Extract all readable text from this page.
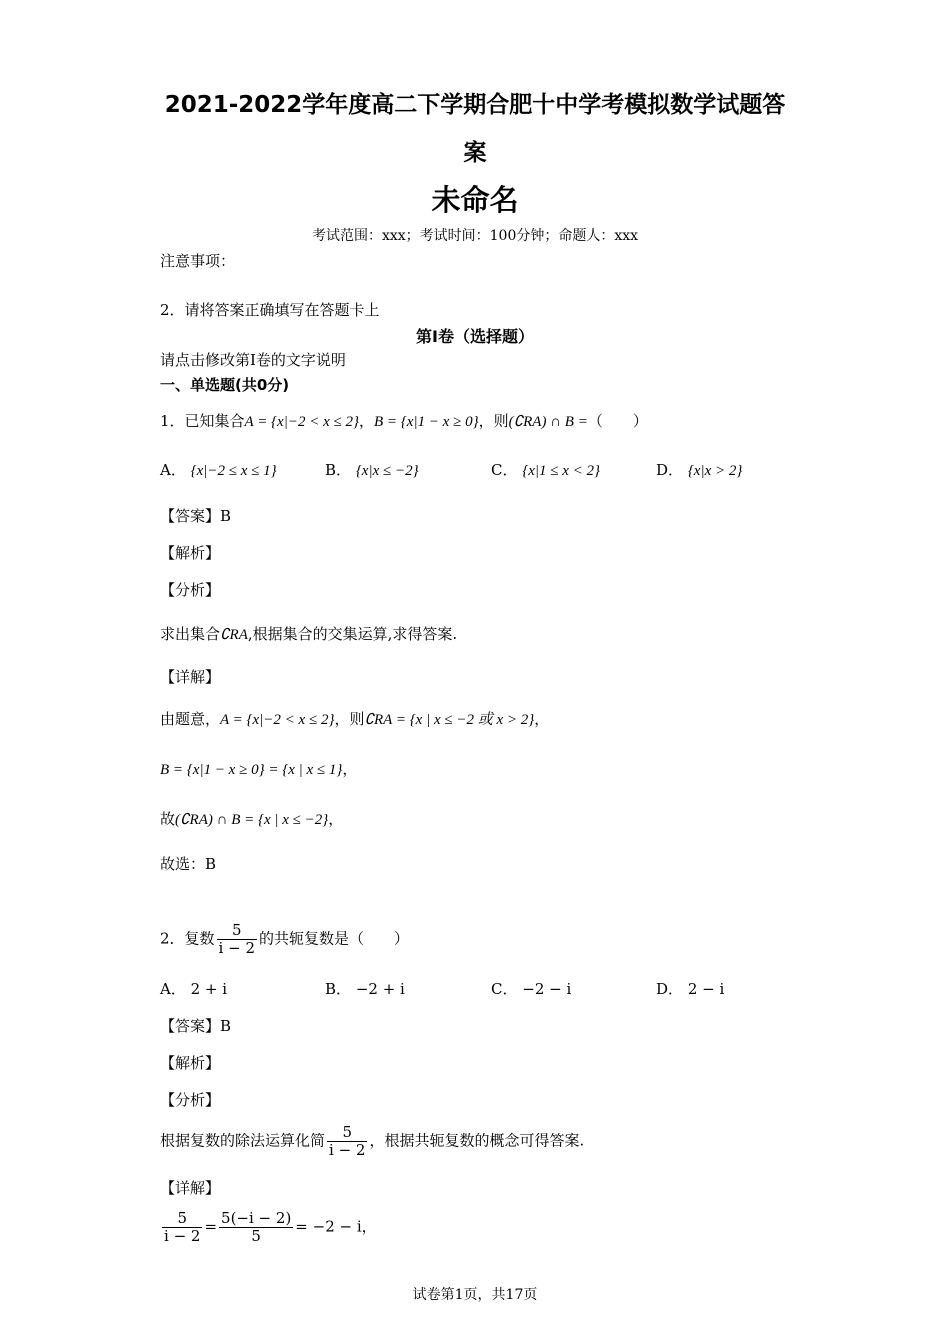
2021-2022学年度高二下学期合肥十中学考模拟数学试题答
案
未命名
考试范围：xxx；考试时间：100分钟；命题人：xxx
注意事项：
2．请将答案正确填写在答题卡上
第I卷（选择题）
请点击修改第I卷的文字说明
一、单选题(共0分)
1．已知集合A = {x|−2 < x ≤ 2}，B = {x|1 − x ≥ 0}，则(∁RA) ∩ B =（　　）
A． {x|−2 ≤ x ≤ 1}	B． {x|x ≤ −2}	C． {x|1 ≤ x < 2}	D． {x|x > 2}
【答案】B
【解析】
【分析】
求出集合∁RA,根据集合的交集运算,求得答案.
【详解】
由题意，A = {x|−2 < x ≤ 2}，则∁RA = {x | x ≤ −2 或 x > 2}，
B = {x|1 − x ≥ 0} = {x | x ≤ 1}，
故(∁RA) ∩ B = {x | x ≤ −2}，
故选：B
2．复数 $\frac{5}{i - 2}$ 的共轭复数是（　　）
A． 2 + i	B． −2 + i	C． −2 − i	D． 2 − i
【答案】B
【解析】
【分析】
根据复数的除法运算化简 $\frac{5}{i - 2}$ ，根据共轭复数的概念可得答案.
【详解】
$\frac{5}{i - 2} = \frac{5(-i - 2)}{5} = -2 - i$，
试卷第1页，共17页
